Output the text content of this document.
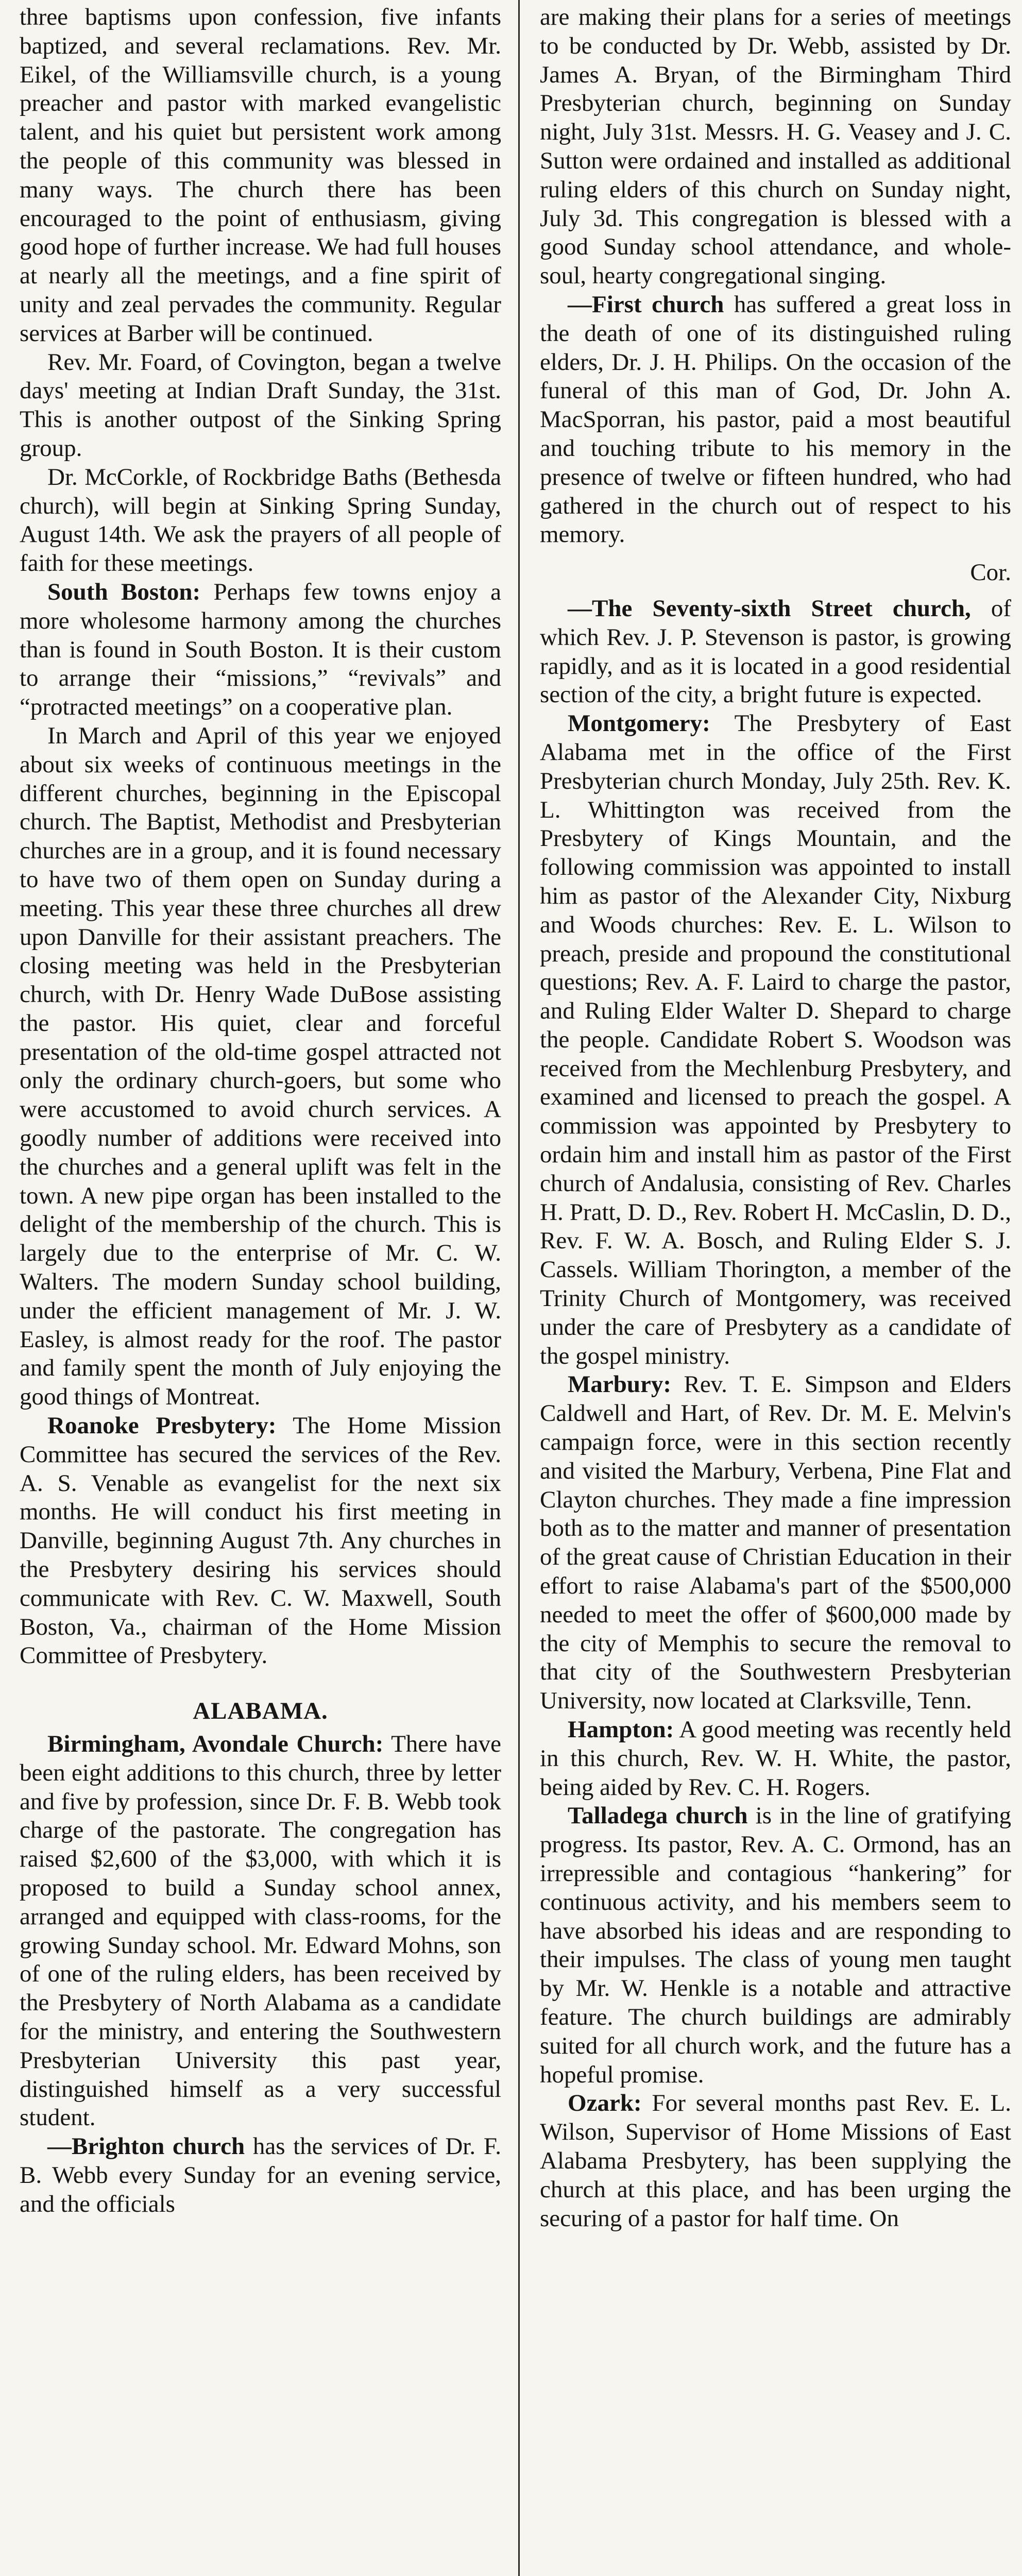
three baptisms upon confession, five infants baptized, and several reclamations. Rev. Mr. Eikel, of the Williamsville church, is a young preacher and pastor with marked evangelistic talent, and his quiet but persistent work among the people of this community was blessed in many ways. The church there has been encouraged to the point of enthusiasm, giving good hope of further increase. We had full houses at nearly all the meetings, and a fine spirit of unity and zeal pervades the community. Regular services at Barber will be continued.

Rev. Mr. Foard, of Covington, began a twelve days' meeting at Indian Draft Sunday, the 31st. This is another outpost of the Sinking Spring group.

Dr. McCorkle, of Rockbridge Baths (Bethesda church), will begin at Sinking Spring Sunday, August 14th. We ask the prayers of all people of faith for these meetings.

South Boston: Perhaps few towns enjoy a more wholesome harmony among the churches than is found in South Boston. It is their custom to arrange their “missions,” “revivals” and “protracted meetings” on a cooperative plan.

In March and April of this year we enjoyed about six weeks of continuous meetings in the different churches, beginning in the Episcopal church. The Baptist, Methodist and Presbyterian churches are in a group, and it is found necessary to have two of them open on Sunday during a meeting. This year these three churches all drew upon Danville for their assistant preachers. The closing meeting was held in the Presbyterian church, with Dr. Henry Wade DuBose assisting the pastor. His quiet, clear and forceful presentation of the old-time gospel attracted not only the ordinary church-goers, but some who were accustomed to avoid church services. A goodly number of additions were received into the churches and a general uplift was felt in the town. A new pipe organ has been installed to the delight of the membership of the church. This is largely due to the enterprise of Mr. C. W. Walters. The modern Sunday school building, under the efficient management of Mr. J. W. Easley, is almost ready for the roof. The pastor and family spent the month of July enjoying the good things of Montreat.

Roanoke Presbytery: The Home Mission Committee has secured the services of the Rev. A. S. Venable as evangelist for the next six months. He will conduct his first meeting in Danville, beginning August 7th. Any churches in the Presbytery desiring his services should communicate with Rev. C. W. Maxwell, South Boston, Va., chairman of the Home Mission Committee of Presbytery.

ALABAMA.

Birmingham, Avondale Church: There have been eight additions to this church, three by letter and five by profession, since Dr. F. B. Webb took charge of the pastorate. The congregation has raised $2,600 of the $3,000, with which it is proposed to build a Sunday school annex, arranged and equipped with class-rooms, for the growing Sunday school. Mr. Edward Mohns, son of one of the ruling elders, has been received by the Presbytery of North Alabama as a candidate for the ministry, and entering the Southwestern Presbyterian University this past year, distinguished himself as a very successful student.

—Brighton church has the services of Dr. F. B. Webb every Sunday for an evening service, and the officials

are making their plans for a series of meetings to be conducted by Dr. Webb, assisted by Dr. James A. Bryan, of the Birmingham Third Presbyterian church, beginning on Sunday night, July 31st. Messrs. H. G. Veasey and J. C. Sutton were ordained and installed as additional ruling elders of this church on Sunday night, July 3d. This congregation is blessed with a good Sunday school attendance, and whole-soul, hearty congregational singing.

—First church has suffered a great loss in the death of one of its distinguished ruling elders, Dr. J. H. Philips. On the occasion of the funeral of this man of God, Dr. John A. MacSporran, his pastor, paid a most beautiful and touching tribute to his memory in the presence of twelve or fifteen hundred, who had gathered in the church out of respect to his memory.

Cor.

—The Seventy-sixth Street church, of which Rev. J. P. Stevenson is pastor, is growing rapidly, and as it is located in a good residential section of the city, a bright future is expected.

Montgomery: The Presbytery of East Alabama met in the office of the First Presbyterian church Monday, July 25th. Rev. K. L. Whittington was received from the Presbytery of Kings Mountain, and the following commission was appointed to install him as pastor of the Alexander City, Nixburg and Woods churches: Rev. E. L. Wilson to preach, preside and propound the constitutional questions; Rev. A. F. Laird to charge the pastor, and Ruling Elder Walter D. Shepard to charge the people. Candidate Robert S. Woodson was received from the Mechlenburg Presbytery, and examined and licensed to preach the gospel. A commission was appointed by Presbytery to ordain him and install him as pastor of the First church of Andalusia, consisting of Rev. Charles H. Pratt, D. D., Rev. Robert H. McCaslin, D. D., Rev. F. W. A. Bosch, and Ruling Elder S. J. Cassels. William Thorington, a member of the Trinity Church of Montgomery, was received under the care of Presbytery as a candidate of the gospel ministry.

Marbury: Rev. T. E. Simpson and Elders Caldwell and Hart, of Rev. Dr. M. E. Melvin's campaign force, were in this section recently and visited the Marbury, Verbena, Pine Flat and Clayton churches. They made a fine impression both as to the matter and manner of presentation of the great cause of Christian Education in their effort to raise Alabama's part of the $500,000 needed to meet the offer of $600,000 made by the city of Memphis to secure the removal to that city of the Southwestern Presbyterian University, now located at Clarksville, Tenn.

Hampton: A good meeting was recently held in this church, Rev. W. H. White, the pastor, being aided by Rev. C. H. Rogers.

Talladega church is in the line of gratifying progress. Its pastor, Rev. A. C. Ormond, has an irrepressible and contagious “hankering” for continuous activity, and his members seem to have absorbed his ideas and are responding to their impulses. The class of young men taught by Mr. W. Henkle is a notable and attractive feature. The church buildings are admirably suited for all church work, and the future has a hopeful promise.

Ozark: For several months past Rev. E. L. Wilson, Supervisor of Home Missions of East Alabama Presbytery, has been supplying the church at this place, and has been urging the securing of a pastor for half time. On
